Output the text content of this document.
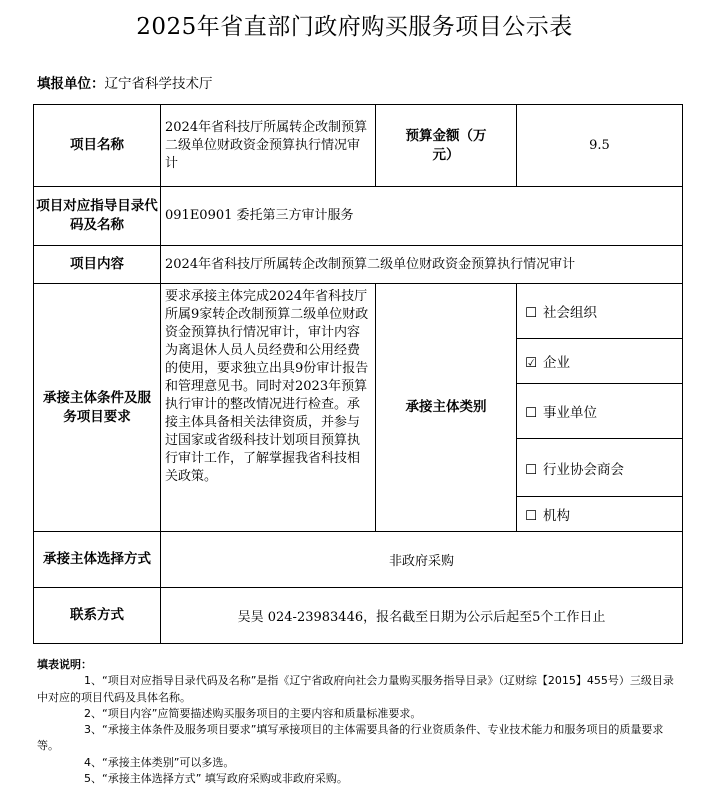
2025年省直部门政府购买服务项目公示表
填报单位：辽宁省科学技术厅
项目名称	2024年省科技厅所属转企改制预算二级单位财政资金预算执行情况审计	预算金额（万元）	9.5
项目对应指导目录代码及名称	091E0901 委托第三方审计服务		
项目内容	2024年省科技厅所属转企改制预算二级单位财政资金预算执行情况审计		

承接主体条件及服务项目要求	要求承接主体完成2024年省科技厅所属9家转企改制预算二级单位财政资金预算执行情况审计，审计内容为离退休人员人员经费和公用经费的使用，要求独立出具9份审计报告和管理意见书。同时对2023年预算执行审计的整改情况进行检查。承接主体具备相关法律资质，并参与过国家或省级科技计划项目预算执行审计工作，了解掌握我省科技相关政策。	承接主体类别	☐ 社会组织
			☑ 企业
			☐ 事业单位
			☐ 行业协会商会
			☐ 机构
承接主体选择方式	非政府采购		
联系方式	吴昊 024-23983446，报名截至日期为公示后起至5个工作日止		

填表说明：

1、“项目对应指导目录代码及名称”是指《辽宁省政府向社会力量购买服务指导目录》（辽财综【2015】455号）三级目录中对应的项目代码及具体名称。

2、“项目内容”应简要描述购买服务项目的主要内容和质量标准要求。

3、“承接主体条件及服务项目要求”填写承接项目的主体需要具备的行业资质条件、专业技术能力和服务项目的质量要求等。

4、“承接主体类别”可以多选。

5、“承接主体选择方式” 填写政府采购或非政府采购。
